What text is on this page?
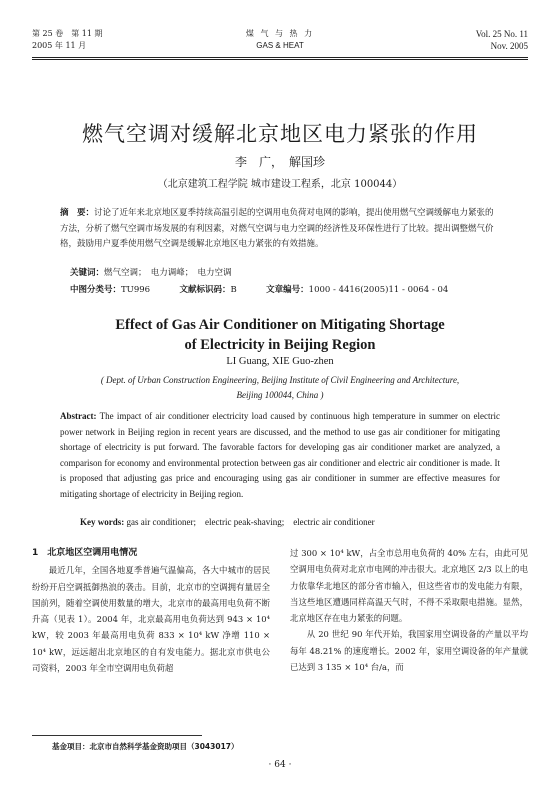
第 25 卷　第 11 期
2005 年 11 月
煤 气 与 热 力
GAS & HEAT
Vol. 25 No. 11
Nov. 2005
燃气空调对缓解北京地区电力紧张的作用
李　广，　解国珍
（北京建筑工程学院 城市建设工程系，北京 100044）
摘　要：讨论了近年来北京地区夏季持续高温引起的空调用电负荷对电网的影响，提出使用燃气空调缓解电力紧张的方法，分析了燃气空调市场发展的有利因素，对燃气空调与电力空调的经济性及环保性进行了比较。提出调整燃气价格，鼓励用户夏季使用燃气空调是缓解北京地区电力紧张的有效措施。
关键词：燃气空调；　电力调峰；　电力空调
中图分类号：TU996	文献标识码：B	文章编号：1000 - 4416(2005)11 - 0064 - 04
Effect of Gas Air Conditioner on Mitigating Shortage
of Electricity in Beijing Region
LI Guang, XIE Guo-zhen
( Dept. of Urban Construction Engineering, Beijing Institute of Civil Engineering and Architecture,
Beijing 100044, China )
Abstract: The impact of air conditioner electricity load caused by continuous high temperature in summer on electric power network in Beijing region in recent years are discussed, and the method to use gas air conditioner for mitigating shortage of electricity is put forward. The favorable factors for developing gas air conditioner market are analyzed, a comparison for economy and environmental protection between gas air conditioner and electric air conditioner is made. It is proposed that adjusting gas price and encouraging using gas air conditioner in summer are effective measures for mitigating shortage of electricity in Beijing region.
Key words: gas air conditioner;　electric peak-shaving;　electric air conditioner
1　北京地区空调用电情况
最近几年，全国各地夏季普遍气温偏高，各大中城市的居民纷纷开启空调抵御热浪的袭击。目前，北京市的空调拥有量居全国前列，随着空调使用数量的增大，北京市的最高用电负荷不断升高（见表 1）。2004 年，北京最高用电负荷达到 943 × 10⁴ kW，较 2003 年最高用电负荷 833 × 10⁴ kW 净增 110 × 10⁴ kW，远远超出北京地区的自有发电能力。据北京市供电公司资料，2003 年全市空调用电负荷超
过 300 × 10⁴ kW，占全市总用电负荷的 40% 左右，由此可见空调用电负荷对北京市电网的冲击很大。北京地区 2/3 以上的电力依靠华北地区的部分省市输入，但这些省市的发电能力有限，当这些地区遭遇同样高温天气时，不得不采取限电措施。显然，北京地区存在电力紧张的问题。
从 20 世纪 90 年代开始，我国家用空调设备的产量以平均每年 48.21% 的速度增长。2002 年，家用空调设备的年产量就已达到 3 135 × 10⁴ 台/a，而
基金项目：北京市自然科学基金资助项目（3043017）
· 64 ·
